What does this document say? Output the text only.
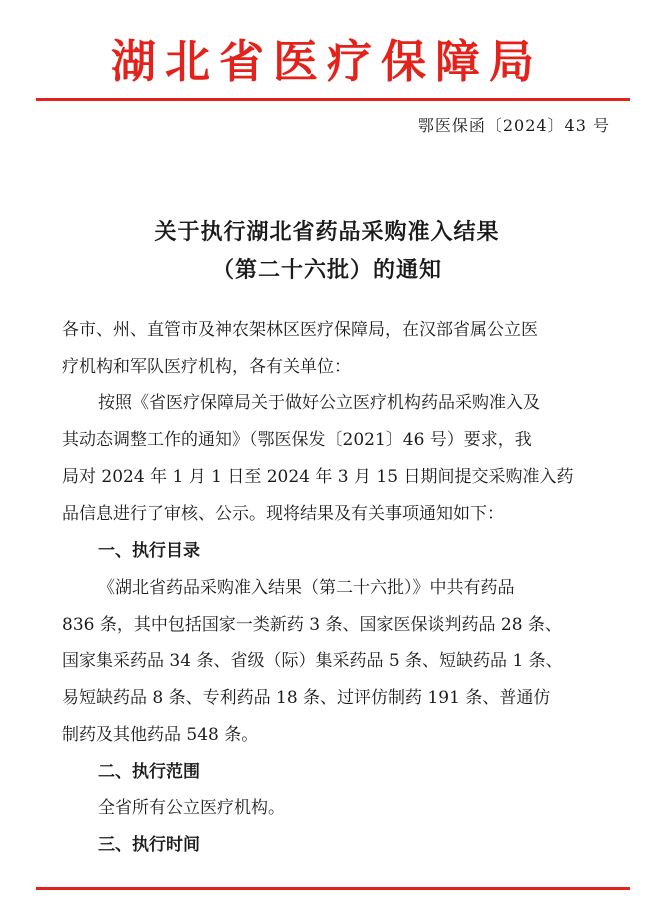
湖北省医疗保障局
鄂医保函〔2024〕43 号
关于执行湖北省药品采购准入结果
（第二十六批）的通知
各市、州、直管市及神农架林区医疗保障局，在汉部省属公立医
疗机构和军队医疗机构，各有关单位：
按照《省医疗保障局关于做好公立医疗机构药品采购准入及
其动态调整工作的通知》（鄂医保发〔2021〕46 号）要求，我
局对 2024 年 1 月 1 日至 2024 年 3 月 15 日期间提交采购准入药
品信息进行了审核、公示。现将结果及有关事项通知如下：
一、执行目录
《湖北省药品采购准入结果（第二十六批）》中共有药品
836 条，其中包括国家一类新药 3 条、国家医保谈判药品 28 条、
国家集采药品 34 条、省级（际）集采药品 5 条、短缺药品 1 条、
易短缺药品 8 条、专利药品 18 条、过评仿制药 191 条、普通仿
制药及其他药品 548 条。
二、执行范围
全省所有公立医疗机构。
三、执行时间
